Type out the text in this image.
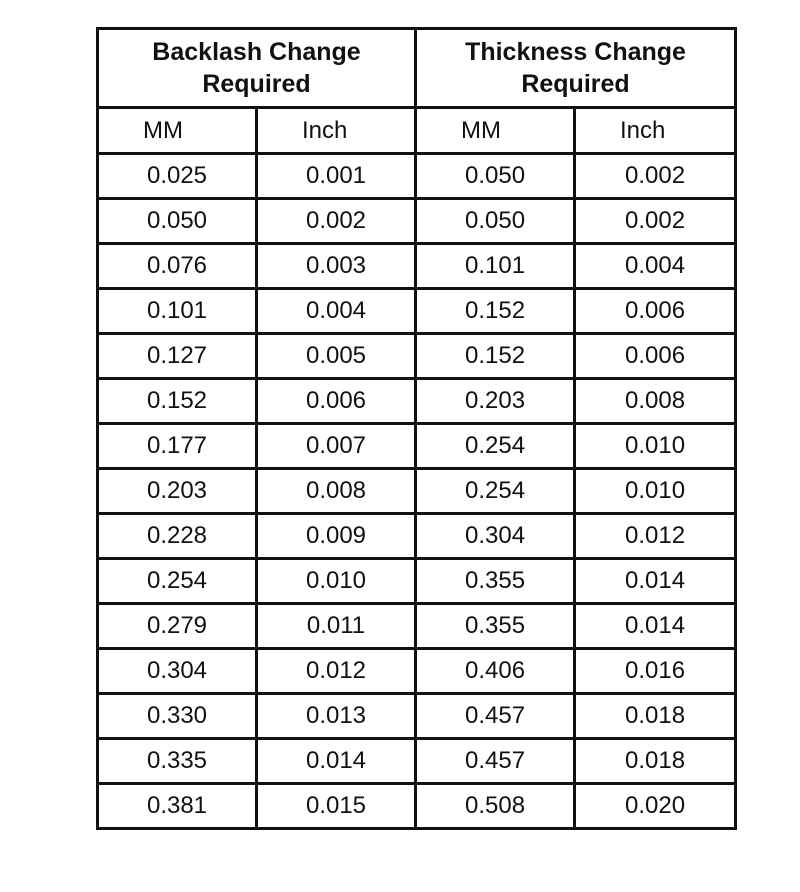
Backlash Change
Required		Thickness Change
Required	

MM	Inch	MM	Inch
0.025	0.001	0.050	0.002
0.050	0.002	0.050	0.002
0.076	0.003	0.101	0.004
0.101	0.004	0.152	0.006
0.127	0.005	0.152	0.006
0.152	0.006	0.203	0.008
0.177	0.007	0.254	0.010
0.203	0.008	0.254	0.010
0.228	0.009	0.304	0.012
0.254	0.010	0.355	0.014
0.279	0.011	0.355	0.014
0.304	0.012	0.406	0.016
0.330	0.013	0.457	0.018
0.335	0.014	0.457	0.018
0.381	0.015	0.508	0.020
